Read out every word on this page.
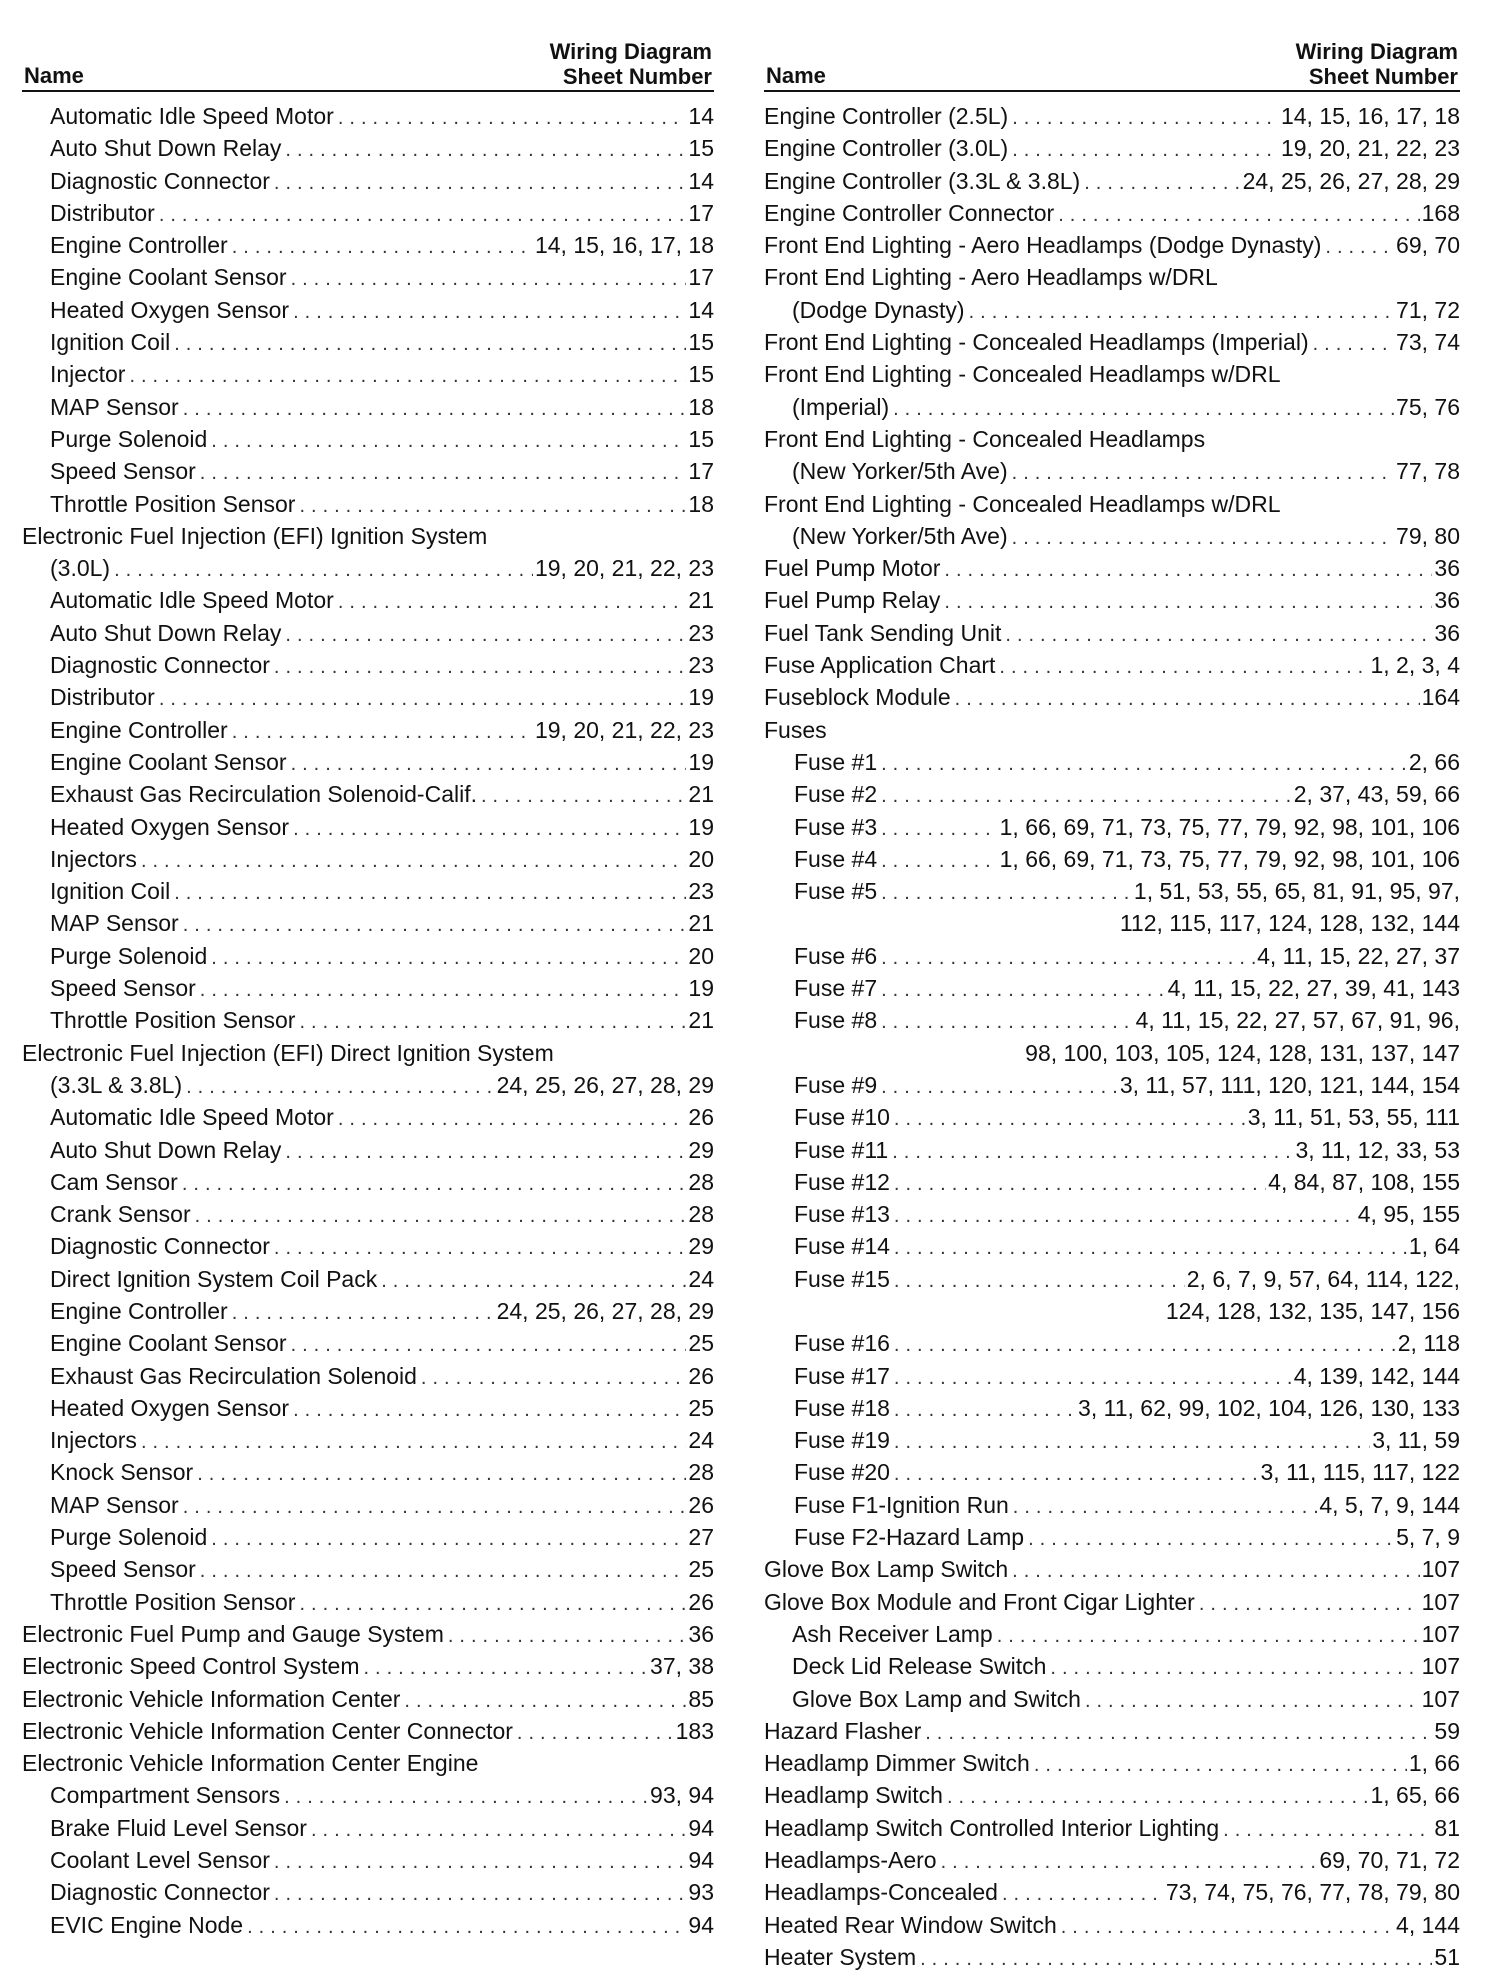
Name
Wiring Diagram
Sheet Number
Automatic Idle Speed Motor .....	14
Auto Shut Down Relay .....	15
Diagnostic Connector .....	14
Distributor .....	17
Engine Controller .....	14, 15, 16, 17, 18
Engine Coolant Sensor .....	17
Heated Oxygen Sensor .....	14
Ignition Coil .....	15
Injector .....	15
MAP Sensor .....	18
Purge Solenoid .....	15
Speed Sensor .....	17
Throttle Position Sensor .....	18
Electronic Fuel Injection (EFI) Ignition System
(3.0L) .....	19, 20, 21, 22, 23
Automatic Idle Speed Motor .....	21
Auto Shut Down Relay .....	23
Diagnostic Connector .....	23
Distributor .....	19
Engine Controller .....	19, 20, 21, 22, 23
Engine Coolant Sensor .....	19
Exhaust Gas Recirculation Solenoid-Calif. .....	21
Heated Oxygen Sensor .....	19
Injectors .....	20
Ignition Coil .....	23
MAP Sensor .....	21
Purge Solenoid .....	20
Speed Sensor .....	19
Throttle Position Sensor .....	21
Electronic Fuel Injection (EFI) Direct Ignition System
(3.3L & 3.8L) .....	24, 25, 26, 27, 28, 29
Automatic Idle Speed Motor .....	26
Auto Shut Down Relay .....	29
Cam Sensor .....	28
Crank Sensor .....	28
Diagnostic Connector .....	29
Direct Ignition System Coil Pack .....	24
Engine Controller .....	24, 25, 26, 27, 28, 29
Engine Coolant Sensor .....	25
Exhaust Gas Recirculation Solenoid .....	26
Heated Oxygen Sensor .....	25
Injectors .....	24
Knock Sensor .....	28
MAP Sensor .....	26
Purge Solenoid .....	27
Speed Sensor .....	25
Throttle Position Sensor .....	26
Electronic Fuel Pump and Gauge System .....	36
Electronic Speed Control System .....	37, 38
Electronic Vehicle Information Center .....	85
Electronic Vehicle Information Center Connector .....	183
Electronic Vehicle Information Center Engine
Compartment Sensors .....	93, 94
Brake Fluid Level Sensor .....	94
Coolant Level Sensor .....	94
Diagnostic Connector .....	93
EVIC Engine Node .....	94
Name
Wiring Diagram
Sheet Number
Engine Controller (2.5L) .....	14, 15, 16, 17, 18
Engine Controller (3.0L) .....	19, 20, 21, 22, 23
Engine Controller (3.3L & 3.8L) .....	24, 25, 26, 27, 28, 29
Engine Controller Connector .....	168
Front End Lighting - Aero Headlamps (Dodge Dynasty) .....	69, 70
Front End Lighting - Aero Headlamps w/DRL
(Dodge Dynasty) .....	71, 72
Front End Lighting - Concealed Headlamps (Imperial) .....	73, 74
Front End Lighting - Concealed Headlamps w/DRL
(Imperial) .....	75, 76
Front End Lighting - Concealed Headlamps
(New Yorker/5th Ave) .....	77, 78
Front End Lighting - Concealed Headlamps w/DRL
(New Yorker/5th Ave) .....	79, 80
Fuel Pump Motor .....	36
Fuel Pump Relay .....	36
Fuel Tank Sending Unit .....	36
Fuse Application Chart .....	1, 2, 3, 4
Fuseblock Module .....	164
Fuses
Fuse #1 .....	2, 66
Fuse #2 .....	2, 37, 43, 59, 66
Fuse #3 .....	1, 66, 69, 71, 73, 75, 77, 79, 92, 98, 101, 106
Fuse #4 .....	1, 66, 69, 71, 73, 75, 77, 79, 92, 98, 101, 106
Fuse #5 .....	1, 51, 53, 55, 65, 81, 91, 95, 97,
112, 115, 117, 124, 128, 132, 144
Fuse #6 .....	4, 11, 15, 22, 27, 37
Fuse #7 .....	4, 11, 15, 22, 27, 39, 41, 143
Fuse #8 .....	4, 11, 15, 22, 27, 57, 67, 91, 96,
98, 100, 103, 105, 124, 128, 131, 137, 147
Fuse #9 .....	3, 11, 57, 111, 120, 121, 144, 154
Fuse #10 .....	3, 11, 51, 53, 55, 111
Fuse #11 .....	3, 11, 12, 33, 53
Fuse #12 .....	4, 84, 87, 108, 155
Fuse #13 .....	4, 95, 155
Fuse #14 .....	1, 64
Fuse #15 .....	2, 6, 7, 9, 57, 64, 114, 122,
124, 128, 132, 135, 147, 156
Fuse #16 .....	2, 118
Fuse #17 .....	4, 139, 142, 144
Fuse #18 .....	3, 11, 62, 99, 102, 104, 126, 130, 133
Fuse #19 .....	3, 11, 59
Fuse #20 .....	3, 11, 115, 117, 122
Fuse F1-Ignition Run .....	4, 5, 7, 9, 144
Fuse F2-Hazard Lamp .....	5, 7, 9
Glove Box Lamp Switch .....	107
Glove Box Module and Front Cigar Lighter .....	107
Ash Receiver Lamp .....	107
Deck Lid Release Switch .....	107
Glove Box Lamp and Switch .....	107
Hazard Flasher .....	59
Headlamp Dimmer Switch .....	1, 66
Headlamp Switch .....	1, 65, 66
Headlamp Switch Controlled Interior Lighting .....	81
Headlamps-Aero .....	69, 70, 71, 72
Headlamps-Concealed .....	73, 74, 75, 76, 77, 78, 79, 80
Heated Rear Window Switch .....	4, 144
Heater System .....	51
